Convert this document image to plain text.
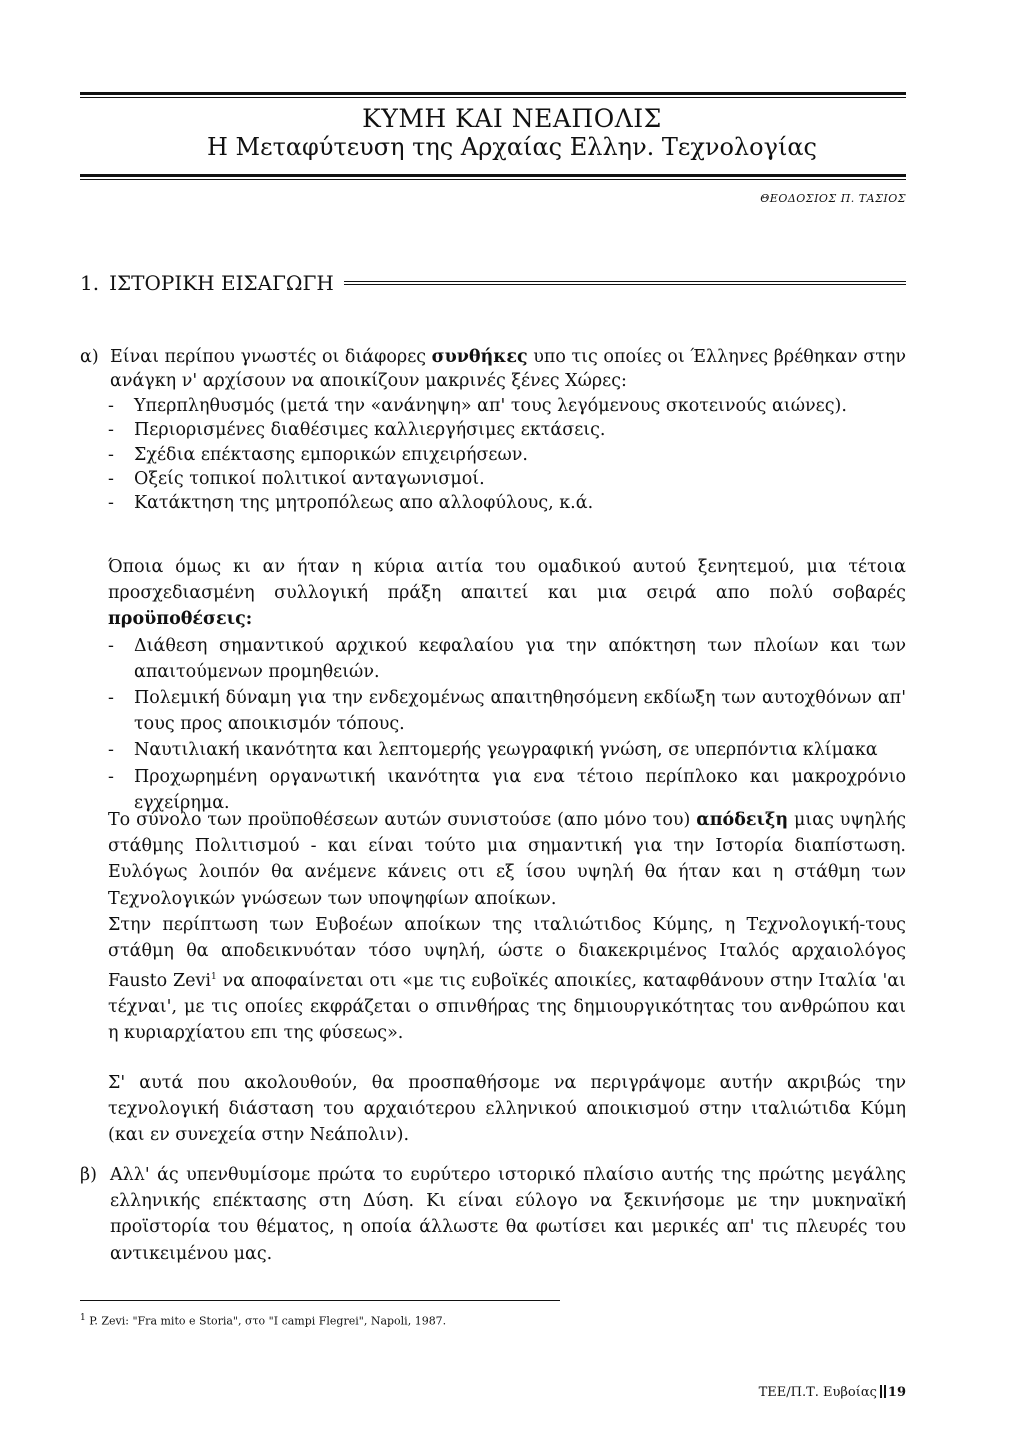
ΚΥΜΗ ΚΑΙ ΝΕΑΠΟΛΙΣ
Η Μεταφύτευση της Αρχαίας Ελλην. Τεχνολογίας
ΘΕΟΔΟΣΙΟΣ Π. ΤΑΣΙΟΣ
1. ΙΣΤΟΡΙΚΗ ΕΙΣΑΓΩΓΗ
α) Είναι περίπου γνωστές οι διάφορες συνθήκες υπο τις οποίες οι Έλληνες βρέθηκαν στην ανάγκη ν' αρχίσουν να αποικίζουν μακρινές ξένες Χώρες:
- Υπερπληθυσμός (μετά την «ανάνηψη» απ' τους λεγόμενους σκοτεινούς αιώνες).
- Περιορισμένες διαθέσιμες καλλιεργήσιμες εκτάσεις.
- Σχέδια επέκτασης εμπορικών επιχειρήσεων.
- Οξείς τοπικοί πολιτικοί ανταγωνισμοί.
- Κατάκτηση της μητροπόλεως απο αλλοφύλους, κ.ά.
Όποια όμως κι αν ήταν η κύρια αιτία του ομαδικού αυτού ξενητεμού, μια τέτοια προσχεδιασμένη συλλογική πράξη απαιτεί και μια σειρά απο πολύ σοβαρές προϋποθέσεις:
- Διάθεση σημαντικού αρχικού κεφαλαίου για την απόκτηση των πλοίων και των απαιτούμενων προμηθειών.
- Πολεμική δύναμη για την ενδεχομένως απαιτηθησόμενη εκδίωξη των αυτοχθόνων απ' τους προς αποικισμόν τόπους.
- Ναυτιλιακή ικανότητα και λεπτομερής γεωγραφική γνώση, σε υπερπόντια κλίμακα
- Προχωρημένη οργανωτική ικανότητα για ενα τέτοιο περίπλοκο και μακροχρόνιο εγχείρημα.
Το σύνολο των προϋποθέσεων αυτών συνιστούσε (απο μόνο του) απόδειξη μιας υψηλής στάθμης Πολιτισμού - και είναι τούτο μια σημαντική για την Ιστορία διαπίστωση. Ευλόγως λοιπόν θα ανέμενε κάνεις οτι εξ ίσου υψηλή θα ήταν και η στάθμη των Τεχνολογικών γνώσεων των υποψηφίων αποίκων.
Στην περίπτωση των Ευβοέων αποίκων της ιταλιώτιδος Κύμης, η Τεχνολογική-τους στάθμη θα αποδεικνυόταν τόσο υψηλή, ώστε ο διακεκριμένος Ιταλός αρχαιολόγος Fausto Zevi$^1$ να αποφαίνεται οτι «με τις ευβοϊκές αποικίες, καταφθάνουν στην Ιταλία 'αι τέχναι', με τις οποίες εκφράζεται ο σπινθήρας της δημιουργικότητας του ανθρώπου και η κυριαρχίατου επι της φύσεως».
Σ' αυτά που ακολουθούν, θα προσπαθήσομε να περιγράψομε αυτήν ακριβώς την τεχνολογική διάσταση του αρχαιότερου ελληνικού αποικισμού στην ιταλιώτιδα Κύμη (και εν συνεχεία στην Νεάπολιν).
β) Αλλ' άς υπενθυμίσομε πρώτα το ευρύτερο ιστορικό πλαίσιο αυτής της πρώτης μεγάλης ελληνικής επέκτασης στη Δύση. Κι είναι εύλογο να ξεκινήσομε με την μυκηναϊκή προϊστορία του θέματος, η οποία άλλωστε θα φωτίσει και μερικές απ' τις πλευρές του αντικειμένου μας.
$^1$ P. Zevi: "Fra mito e Storia", στο "I campi Flegrei", Napoli, 1987.
ΤΕΕ/Π.Τ. Ευβοίας 19
